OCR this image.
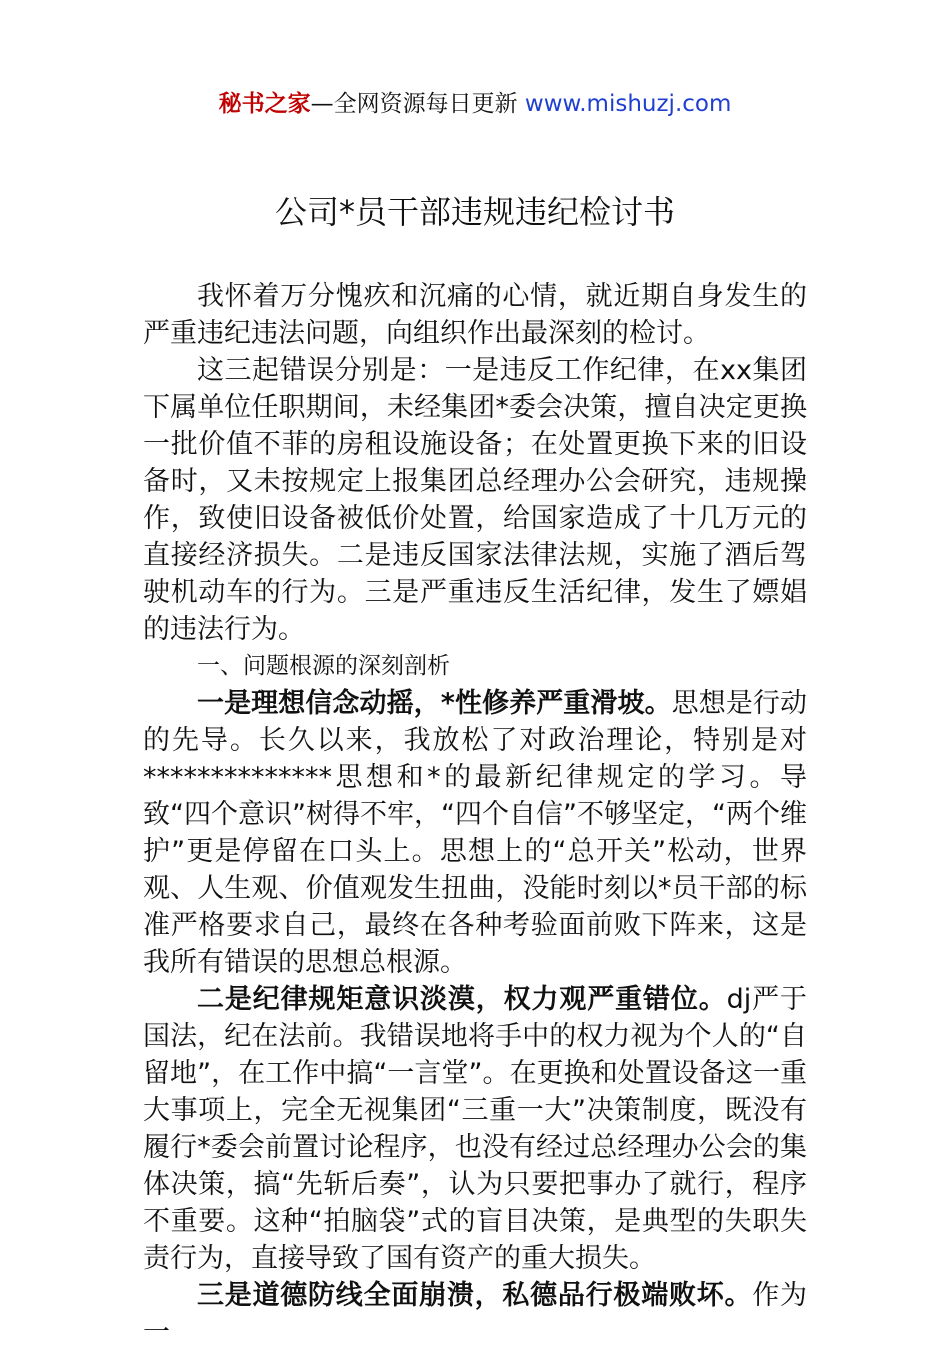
秘书之家—全网资源每日更新 www.mishuzj.com
公司*员干部违规违纪检讨书

我怀着万分愧疚和沉痛的心情，就近期自身发生的严重违纪违法问题，向组织作出最深刻的检讨。

这三起错误分别是：一是违反工作纪律，在xx集团下属单位任职期间，未经集团*委会决策，擅自决定更换一批价值不菲的房租设施设备；在处置更换下来的旧设备时，又未按规定上报集团总经理办公会研究，违规操作，致使旧设备被低价处置，给国家造成了十几万元的直接经济损失。二是违反国家法律法规，实施了酒后驾驶机动车的行为。三是严重违反生活纪律，发生了嫖娼的违法行为。

一、问题根源的深刻剖析

一是理想信念动摇，*性修养严重滑坡。思想是行动的先导。长久以来，我放松了对政治理论，特别是对**************思想和*的最新纪律规定的学习。导致“四个意识”树得不牢，“四个自信”不够坚定，“两个维护”更是停留在口头上。思想上的“总开关”松动，世界观、人生观、价值观发生扭曲，没能时刻以*员干部的标准严格要求自己，最终在各种考验面前败下阵来，这是我所有错误的思想总根源。

二是纪律规矩意识淡漠，权力观严重错位。dj严于国法，纪在法前。我错误地将手中的权力视为个人的“自留地”，在工作中搞“一言堂”。在更换和处置设备这一重大事项上，完全无视集团“三重一大”决策制度，既没有履行*委会前置讨论程序，也没有经过总经理办公会的集体决策，搞“先斩后奏”，认为只要把事办了就行，程序不重要。这种“拍脑袋”式的盲目决策，是典型的失职失责行为，直接导致了国有资产的重大损失。

三是道德防线全面崩溃，私德品行极端败坏。作为一
